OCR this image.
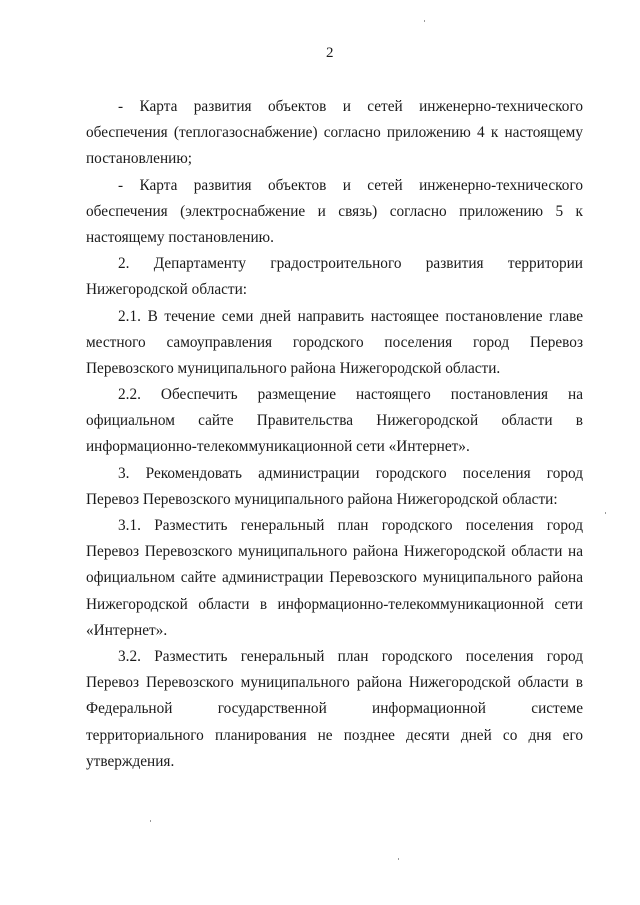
2
- Карта развития объектов и сетей инженерно-технического
обеспечения (теплогазоснабжение) согласно приложению 4 к настоящему
постановлению;
- Карта развития объектов и сетей инженерно-технического
обеспечения (электроснабжение и связь) согласно приложению 5 к
настоящему постановлению.
2. Департаменту градостроительного развития территории
Нижегородской области:
2.1. В течение семи дней направить настоящее постановление главе
местного самоуправления городского поселения город Перевоз
Перевозского муниципального района Нижегородской области.
2.2. Обеспечить размещение настоящего постановления на
официальном сайте Правительства Нижегородской области в
информационно-телекоммуникационной сети «Интернет».
3. Рекомендовать администрации городского поселения город
Перевоз Перевозского муниципального района Нижегородской области:
3.1. Разместить генеральный план городского поселения город
Перевоз Перевозского муниципального района Нижегородской области на
официальном сайте администрации Перевозского муниципального района
Нижегородской области в информационно-телекоммуникационной сети
«Интернет».
3.2. Разместить генеральный план городского поселения город
Перевоз Перевозского муниципального района Нижегородской области в
Федеральной государственной информационной системе
территориального планирования не позднее десяти дней со дня его
утверждения.
